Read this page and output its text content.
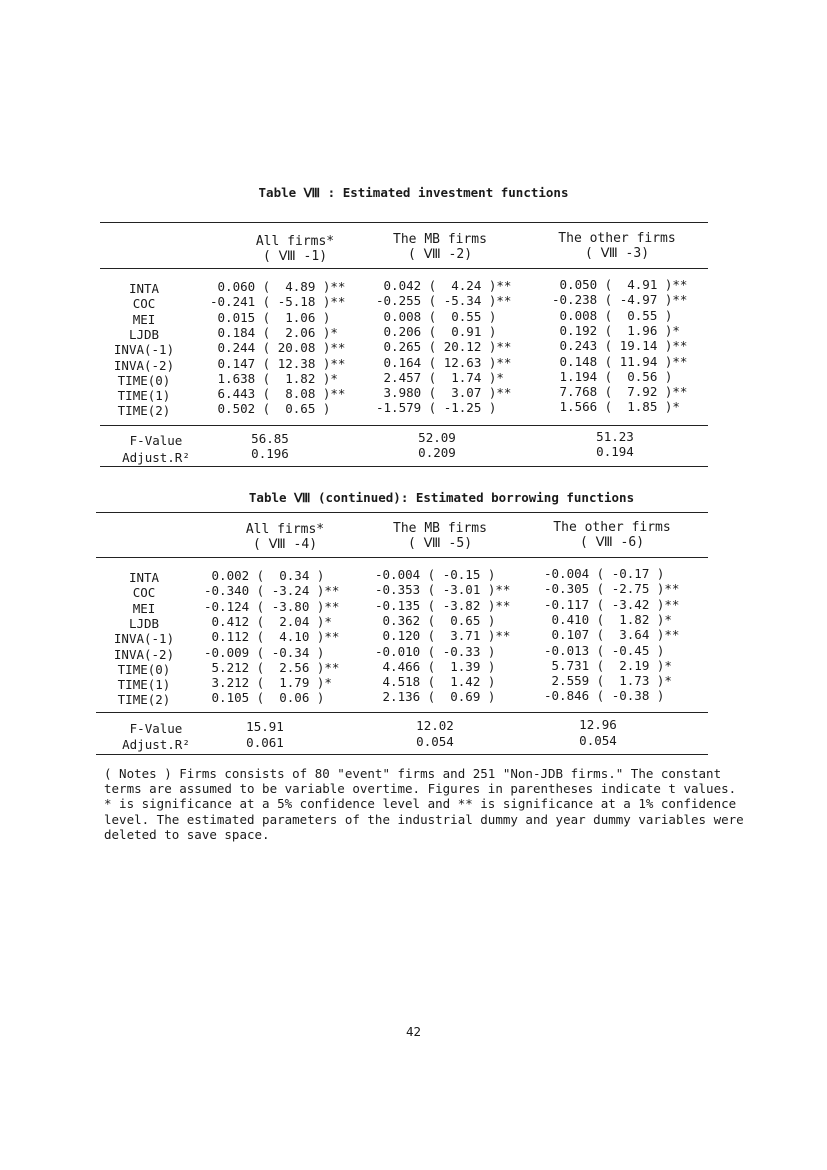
Table Ⅷ : Estimated investment functions
All firms*
( Ⅷ -1)
The MB firms
( Ⅷ -2)
The other firms
( Ⅷ -3)
INTA	0.060 (  4.89 )** 0.042 (  4.24 )**	0.050 (  4.91 )**
COC	-0.241 ( -5.18 )** -0.255 ( -5.34 )**	-0.238 ( -4.97 )**
MEI	0.015 (  1.06 )	0.008 (  0.55 )	0.008 (  0.55 )
LJDB	0.184 (  2.06 )*	0.206 (  0.91 )	0.192 (  1.96 )*
INVA(-1)	0.244 ( 20.08 )** 0.265 ( 20.12 )**	0.243 ( 19.14 )**
INVA(-2)	0.147 ( 12.38 )** 0.164 ( 12.63 )**	0.148 ( 11.94 )**
TIME(0)	1.638 (  1.82 )*	2.457 (  1.74 )*	1.194 (  0.56 )
TIME(1)	6.443 (  8.08 )** 3.980 (  3.07 )**	7.768 (  7.92 )**
TIME(2)	0.502 (  0.65 )	-1.579 ( -1.25 )	1.566 (  1.85 )*
F-Value	56.85	52.09	51.23
Adjust.R²	0.196	0.209	0.194
Table Ⅷ (continued): Estimated borrowing functions
All firms*
( Ⅷ -4)
The MB firms
( Ⅷ -5)
The other firms
( Ⅷ -6)
INTA	0.002 (  0.34 )	-0.004 ( -0.15 )	-0.004 ( -0.17 )
COC	-0.340 ( -3.24 )**	-0.353 ( -3.01 )**	-0.305 ( -2.75 )**
MEI	-0.124 ( -3.80 )**	-0.135 ( -3.82 )**	-0.117 ( -3.42 )**
LJDB	0.412 (  2.04 )*	0.362 (  0.65 )	0.410 (  1.82 )*
INVA(-1)	0.112 (  4.10 )**	0.120 (  3.71 )**	0.107 (  3.64 )**
INVA(-2)	-0.009 ( -0.34 )	-0.010 ( -0.33 )	-0.013 ( -0.45 )
TIME(0)	5.212 (  2.56 )**	4.466 (  1.39 )	5.731 (  2.19 )*
TIME(1)	3.212 (  1.79 )*	4.518 (  1.42 )	2.559 (  1.73 )*
TIME(2)	0.105 (  0.06 )	2.136 (  0.69 )	-0.846 ( -0.38 )
F-Value	15.91	12.02	12.96
Adjust.R²	0.061	0.054	0.054
( Notes ) Firms consists of 80 "event" firms and 251 "Non-JDB firms." The constant terms are assumed to be variable overtime. Figures in parentheses indicate t values. * is significance at a 5% confidence level and ** is significance at a 1% confidence level. The estimated parameters of the industrial dummy and year dummy variables were deleted to save space.
42
